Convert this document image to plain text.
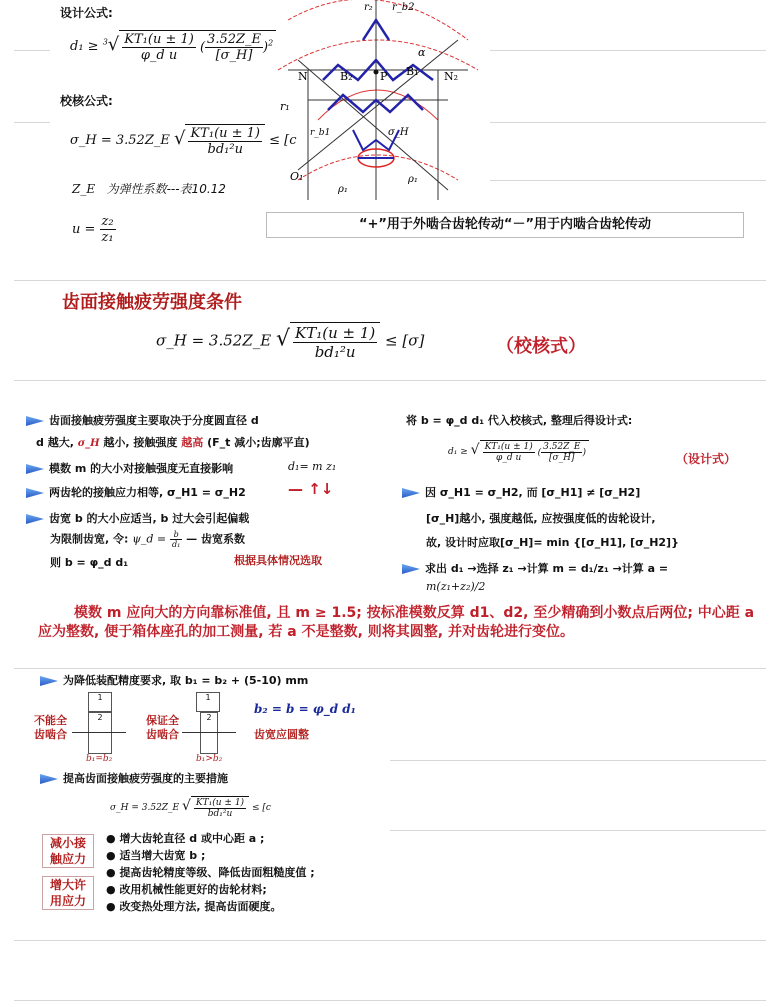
设计公式:
$d_1 \ge ^3√ \frac{\text{KT₁(u ± 1)}}{\text{φ\_d u}}$ ( $\frac{3.52Z\_E}{[\sigma\_H]} )^2$
校核公式:
σ_H = 3.52Z_E √ $\frac{\text{KT₁(u ± 1)}}{\text{bd₁²u}} \le [c$
Z_E 为弹性系数---表10.12
$u = \frac{\text{z₂}}{\text{z₁}}$	“+”用于外啮合齿轮传动“－”用于内啮合齿轮传动
r₂ r_b2
α
N	B₂	P B₁ N₂
r₁
r_b1	σ_H
O₁
ρ₁
ρ₁
齿面接触疲劳强度条件
σ_H = 3.52Z_E √ $\frac{\text{KT₁(u ± 1)}}{\text{bd₁²u}} \le [\sigma]$	（校核式）
齿面接触疲劳强度主要取决于分度圆直径 d
d 越大, σ_H 越小, 接触强度 越高 (F_t 减小;齿廓平直)
模数 m 的大小对接触强度无直接影响	d₁= m z₁
两齿轮的接触应力相等, σ_H1 = σ_H2	— ↑↓
齿宽 b 的大小应适当, b 过大会引起偏载
为限制齿宽, 令: ψ_d = $\frac{b}{\text{d₁}}$ — 齿宽系数
则 b = φ_d d₁	根据具体情况选取
将 b = φ_d d₁ 代入校核式, 整理后得设计式:
d₁ ≥ √ $\frac{\text{KT₁(u ± 1)}}{\text{φ\_d u}}$ ( $\frac{3.52Z\_E}{[\sigma\_H]}$ )	（设计式）
因 σ_H1 = σ_H2, 而 [σ_H1] ≠ [σ_H2]
[σ_H]越小, 强度越低, 应按强度低的齿轮设计,
故, 设计时应取[σ_H]= min {[σ_H1], [σ_H2]}
求出 d₁ →选择 z₁ →计算 m = d₁/z₁ →计算 a =
m(z₁+z₂)/2
模数 m 应向大的方向靠标准值, 且 m ≥ 1.5; 按标准模数反算 d1、d2, 至少精确到小数点后两位; 中心距 a 应为整数, 便于箱体座孔的加工测量, 若 a 不是整数, 则将其圆整, 并对齿轮进行变位。
为降低装配精度要求, 取 b₁ = b₂ + (5-10) mm
不能全
齿啮合
保证全
齿啮合
1
2
b₁=b₂
1
2
b₁>b₂
b₂ = b = φ_d d₁
齿宽应圆整
提高齿面接触疲劳强度的主要措施
σ_H = 3.52Z_E √ $\frac{\text{KT₁(u ± 1)}}{\text{bd₁²u}} \le [c$
减小接
触应力
增大许
用应力
● 增大齿轮直径 d 或中心距 a ;
● 适当增大齿宽 b ;
● 提高齿轮精度等级、降低齿面粗糙度值 ;
● 改用机械性能更好的齿轮材料;
● 改变热处理方法, 提高齿面硬度。
